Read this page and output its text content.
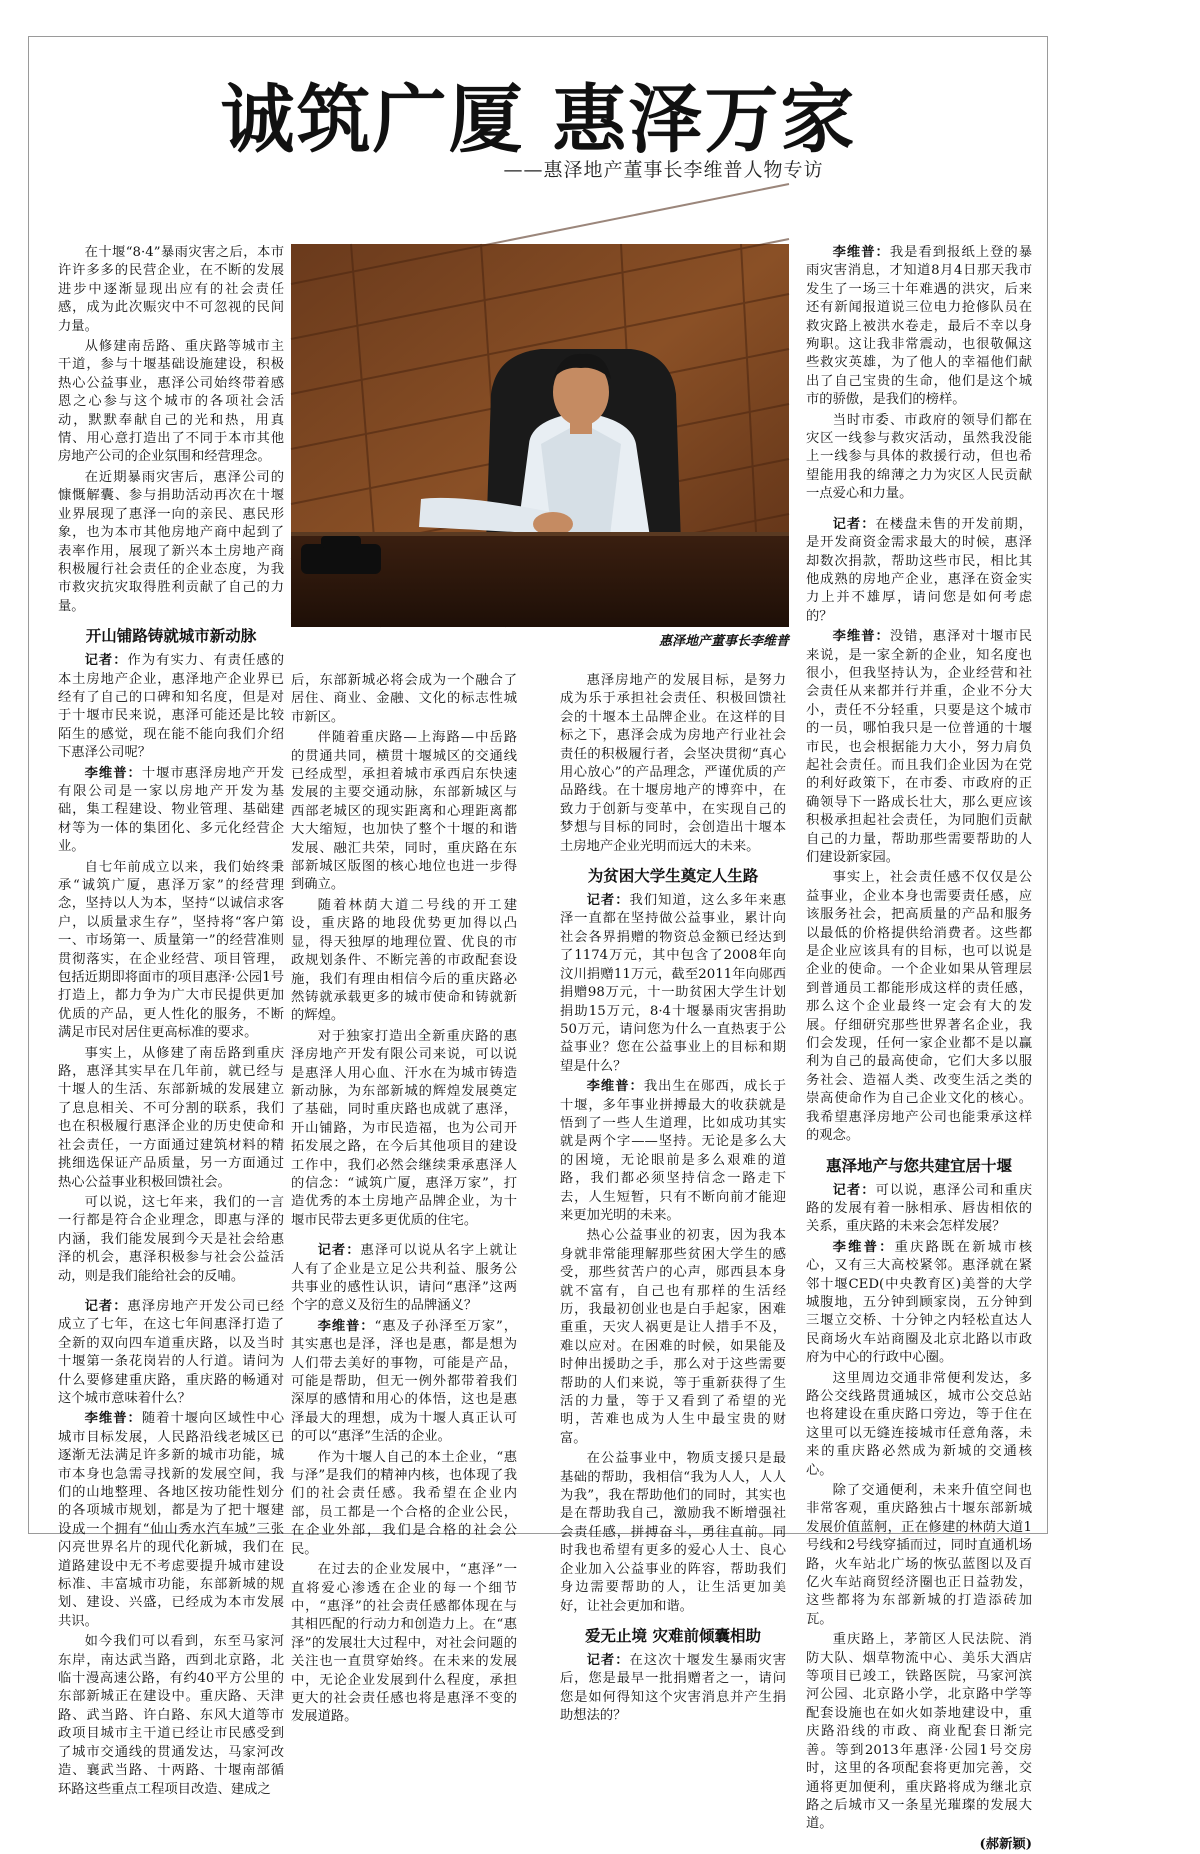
诚筑广厦 惠泽万家
——惠泽地产董事长李维普人物专访

在十堰“8·4”暴雨灾害之后，本市许许多多的民营企业，在不断的发展进步中逐渐显现出应有的社会责任感，成为此次赈灾中不可忽视的民间力量。

从修建南岳路、重庆路等城市主干道，参与十堰基础设施建设，积极热心公益事业，惠泽公司始终带着感恩之心参与这个城市的各项社会活动，默默奉献自己的光和热，用真情、用心意打造出了不同于本市其他房地产公司的企业氛围和经营理念。

在近期暴雨灾害后，惠泽公司的慷慨解囊、参与捐助活动再次在十堰业界展现了惠泽一向的亲民、惠民形象，也为本市其他房地产商中起到了表率作用，展现了新兴本土房地产商积极履行社会责任的企业态度，为我市救灾抗灾取得胜利贡献了自己的力量。

开山铺路铸就城市新动脉

记者：作为有实力、有责任感的本土房地产企业，惠泽地产企业界已经有了自己的口碑和知名度，但是对于十堰市民来说，惠泽可能还是比较陌生的感觉，现在能不能向我们介绍下惠泽公司呢？

李维普：十堰市惠泽房地产开发有限公司是一家以房地产开发为基础，集工程建设、物业管理、基础建材等为一体的集团化、多元化经营企业。

自七年前成立以来，我们始终秉承“诚筑广厦，惠泽万家”的经营理念，坚持以人为本，坚持“以诚信求客户，以质量求生存”，坚持将“客户第一、市场第一、质量第一”的经营准则贯彻落实，在企业经营、项目管理，包括近期即将面市的项目惠泽·公园1号打造上，都力争为广大市民提供更加优质的产品，更人性化的服务，不断满足市民对居住更高标准的要求。

事实上，从修建了南岳路到重庆路，惠泽其实早在几年前，就已经与十堰人的生活、东部新城的发展建立了息息相关、不可分割的联系，我们也在积极履行惠泽企业的历史使命和社会责任，一方面通过建筑材料的精挑细选保证产品质量，另一方面通过热心公益事业积极回馈社会。

可以说，这七年来，我们的一言一行都是符合企业理念，即惠与泽的内涵，我们能发展到今天是社会给惠泽的机会，惠泽积极参与社会公益活动，则是我们能给社会的反哺。

记者：惠泽房地产开发公司已经成立了七年，在这七年间惠泽打造了全新的双向四车道重庆路，以及当时十堰第一条花岗岩的人行道。请问为什么要修建重庆路，重庆路的畅通对这个城市意味着什么？

李维普：随着十堰向区域性中心城市目标发展，人民路沿线老城区已逐渐无法满足许多新的城市功能，城市本身也急需寻找新的发展空间，我们的山地整理、各地区按功能性划分的各项城市规划，都是为了把十堰建设成一个拥有“仙山秀水汽车城”三张闪亮世界名片的现代化新城，我们在道路建设中无不考虑要提升城市建设标准、丰富城市功能，东部新城的规划、建设、兴盛，已经成为本市发展共识。

如今我们可以看到，东至马家河东岸，南达武当路，西到北京路，北临十漫高速公路，有约40平方公里的东部新城正在建设中。重庆路、天津路、武当路、许白路、东风大道等市政项目城市主干道已经让市民感受到了城市交通线的贯通发达，马家河改造、襄武当路、十两路、十堰南部循环路这些重点工程项目改造、建成之

惠泽地产董事长李维普

后，东部新城必将会成为一个融合了居住、商业、金融、文化的标志性城市新区。

伴随着重庆路—上海路—中岳路的贯通共同，横贯十堰城区的交通线已经成型，承担着城市承西启东快速发展的主要交通动脉，东部新城区与西部老城区的现实距离和心理距离都大大缩短，也加快了整个十堰的和谐发展、融汇共荣，同时，重庆路在东部新城区版图的核心地位也进一步得到确立。

随着林荫大道二号线的开工建设，重庆路的地段优势更加得以凸显，得天独厚的地理位置、优良的市政规划条件、不断完善的市政配套设施，我们有理由相信今后的重庆路必然铸就承载更多的城市使命和铸就新的辉煌。

对于独家打造出全新重庆路的惠泽房地产开发有限公司来说，可以说是惠泽人用心血、汗水在为城市铸造新动脉，为东部新城的辉煌发展奠定了基础，同时重庆路也成就了惠泽，开山铺路，为市民造福，也为公司开拓发展之路，在今后其他项目的建设工作中，我们必然会继续秉承惠泽人的信念：“诚筑广厦，惠泽万家”，打造优秀的本土房地产品牌企业，为十堰市民带去更多更优质的住宅。

记者：惠泽可以说从名字上就让人有了企业是立足公共利益、服务公共事业的感性认识，请问“惠泽”这两个字的意义及衍生的品牌涵义？

李维普：“惠及子孙泽至万家”，其实惠也是泽，泽也是惠，都是想为人们带去美好的事物，可能是产品，可能是帮助，但无一例外都带着我们深厚的感情和用心的体悟，这也是惠泽最大的理想，成为十堰人真正认可的可以“惠泽”生活的企业。

作为十堰人自己的本土企业，“惠与泽”是我们的精神内核，也体现了我们的社会责任感。我希望在企业内部，员工都是一个合格的企业公民，在企业外部，我们是合格的社会公民。

在过去的企业发展中，“惠泽”一直将爱心渗透在企业的每一个细节中，“惠泽”的社会责任感都体现在与其相匹配的行动力和创造力上。在“惠泽”的发展壮大过程中，对社会问题的关注也一直贯穿始终。在未来的发展中，无论企业发展到什么程度，承担更大的社会责任感也将是惠泽不变的发展道路。

惠泽房地产的发展目标，是努力成为乐于承担社会责任、积极回馈社会的十堰本土品牌企业。在这样的目标之下，惠泽会成为房地产行业社会责任的积极履行者，会坚决贯彻“真心用心放心”的产品理念，严谨优质的产品路线。在十堰房地产的博弈中，在致力于创新与变革中，在实现自己的梦想与目标的同时，会创造出十堰本土房地产企业光明而远大的未来。

为贫困大学生奠定人生路

记者：我们知道，这么多年来惠泽一直都在坚持做公益事业，累计向社会各界捐赠的物资总金额已经达到了1174万元，其中包含了2008年向汶川捐赠11万元，截至2011年向郧西捐赠98万元，十一助贫困大学生计划捐助15万元，8·4十堰暴雨灾害捐助50万元，请问您为什么一直热衷于公益事业？您在公益事业上的目标和期望是什么？

李维普：我出生在郧西，成长于十堰，多年事业拼搏最大的收获就是悟到了一些人生道理，比如成功其实就是两个字——坚持。无论是多么大的困境，无论眼前是多么艰难的道路，我们都必须坚持信念一路走下去，人生短暂，只有不断向前才能迎来更加光明的未来。

热心公益事业的初衷，因为我本身就非常能理解那些贫困大学生的感受，那些贫苦户的心声，郧西县本身就不富有，自己也有那样的生活经历，我最初创业也是白手起家，困难重重，天灾人祸更是让人措手不及，难以应对。在困难的时候，如果能及时伸出援助之手，那么对于这些需要帮助的人们来说，等于重新获得了生活的力量，等于又看到了希望的光明，苦难也成为人生中最宝贵的财富。

在公益事业中，物质支援只是最基础的帮助，我相信“我为人人，人人为我”，我在帮助他们的同时，其实也是在帮助我自己，激励我不断增强社会责任感，拼搏奋斗，勇往直前。同时我也希望有更多的爱心人士、良心企业加入公益事业的阵容，帮助我们身边需要帮助的人，让生活更加美好，让社会更加和谐。

爱无止境 灾难前倾囊相助

记者：在这次十堰发生暴雨灾害后，您是最早一批捐赠者之一，请问您是如何得知这个灾害消息并产生捐助想法的？

李维普：我是看到报纸上登的暴雨灾害消息，才知道8月4日那天我市发生了一场三十年难遇的洪灾，后来还有新闻报道说三位电力抢修队员在救灾路上被洪水卷走，最后不幸以身殉职。这让我非常震动，也很敬佩这些救灾英雄，为了他人的幸福他们献出了自己宝贵的生命，他们是这个城市的骄傲，是我们的榜样。

当时市委、市政府的领导们都在灾区一线参与救灾活动，虽然我没能上一线参与具体的救援行动，但也希望能用我的绵薄之力为灾区人民贡献一点爱心和力量。

记者：在楼盘未售的开发前期，是开发商资金需求最大的时候，惠泽却数次捐款，帮助这些市民，相比其他成熟的房地产企业，惠泽在资金实力上并不雄厚，请问您是如何考虑的？

李维普：没错，惠泽对十堰市民来说，是一家全新的企业，知名度也很小，但我坚持认为，企业经营和社会责任从来都并行并重，企业不分大小，责任不分轻重，只要是这个城市的一员，哪怕我只是一位普通的十堰市民，也会根据能力大小，努力肩负起社会责任。而且我们企业因为在党的利好政策下，在市委、市政府的正确领导下一路成长壮大，那么更应该积极承担起社会责任，为同胞们贡献自己的力量，帮助那些需要帮助的人们建设新家园。

事实上，社会责任感不仅仅是公益事业，企业本身也需要责任感，应该服务社会，把高质量的产品和服务以最低的价格提供给消费者。这些都是企业应该具有的目标，也可以说是企业的使命。一个企业如果从管理层到普通员工都能形成这样的责任感，那么这个企业最终一定会有大的发展。仔细研究那些世界著名企业，我们会发现，任何一家企业都不是以赢利为自己的最高使命，它们大多以服务社会、造福人类、改变生活之类的崇高使命作为自己企业文化的核心。我希望惠泽房地产公司也能秉承这样的观念。

惠泽地产与您共建宜居十堰

记者：可以说，惠泽公司和重庆路的发展有着一脉相承、唇齿相依的关系，重庆路的未来会怎样发展？

李维普：重庆路既在新城市核心，又有三大高校紧邻。惠泽就在紧邻十堰CED(中央教育区)美誉的大学城腹地，五分钟到顾家岗，五分钟到三堰立交桥、十分钟之内轻松直达人民商场火车站商圈及北京北路以市政府为中心的行政中心圈。

这里周边交通非常便利发达，多路公交线路贯通城区，城市公交总站也将建设在重庆路口旁边，等于住在这里可以无缝连接城市任意角落，未来的重庆路必然成为新城的交通核心。

除了交通便利，未来升值空间也非常客观，重庆路独占十堰东部新城发展价值蓝舸，正在修建的林荫大道1号线和2号线穿插而过，同时直通机场路，火车站北广场的恢弘蓝图以及百亿火车站商贸经济圈也正日益勃发，这些都将为东部新城的打造添砖加瓦。

重庆路上，茅箭区人民法院、消防大队、烟草物流中心、美乐大酒店等项目已竣工，铁路医院，马家河滨河公园、北京路小学，北京路中学等配套设施也在如火如荼地建设中，重庆路沿线的市政、商业配套日渐完善。等到2013年惠泽·公园1号交房时，这里的各项配套将更加完善，交通将更加便利，重庆路将成为继北京路之后城市又一条星光璀璨的发展大道。

(郝新颖)
